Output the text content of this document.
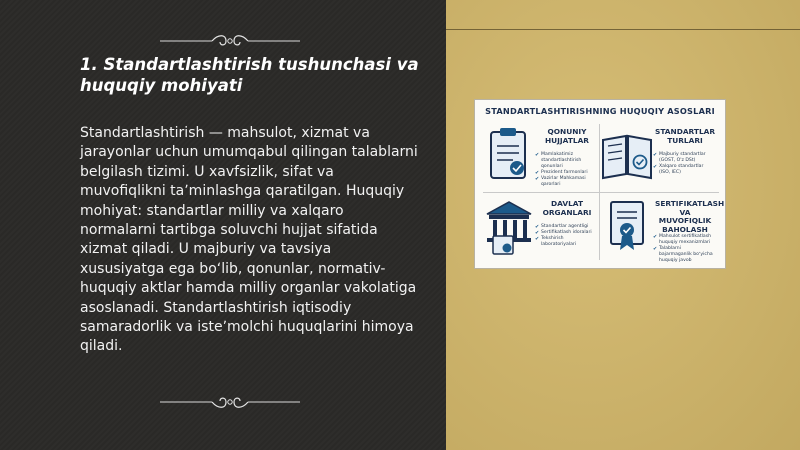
1. Standartlashtirish tushunchasi va huquqiy mohiyati
Standartlashtirish — mahsulot, xizmat va jarayonlar uchun umumqabul qilingan talablarni belgilash tizimi. U xavfsizlik, sifat va muvofiqlikni taʼminlashga qaratilgan. Huquqiy mohiyat: standartlar milliy va xalqaro normalarni tartibga soluvchi hujjat sifatida xizmat qiladi. U majburiy va tavsiya xususiyatga ega boʻlib, qonunlar, normativ-huquqiy aktlar hamda milliy organlar vakolatiga asoslanadi. Standartlashtirish iqtisodiy samaradorlik va isteʼmolchi huquqlarini himoya qiladi.
STANDARTLASHTIRISHNING HUQUQIY ASOSLARI
QONUNIY HUJJATLAR
✔ Mamlakatimiz standartlashtirish qonunlari
✔ Prezident farmonlari
✔ Vazirlar Mahkamasi qarorlari
STANDARTLAR TURLARI
✔ Majburiy standartlar (GOST, O'z DSt)
✔ Xalqaro standartlar (ISO, IEC)
DAVLAT ORGANLARI
✔ Standartlar agentligi
✔ Sertifikatlash idoralari
✔ Tekshirish laboratoriyalari
SERTIFIKATLASH VA MUVOFIQLIK BAHOLASH
✔ Mahsulot sertifikatlash huquqiy mexanizmlari
✔ Talablarni bajarmaganlik boʻyicha huquqiy javob
